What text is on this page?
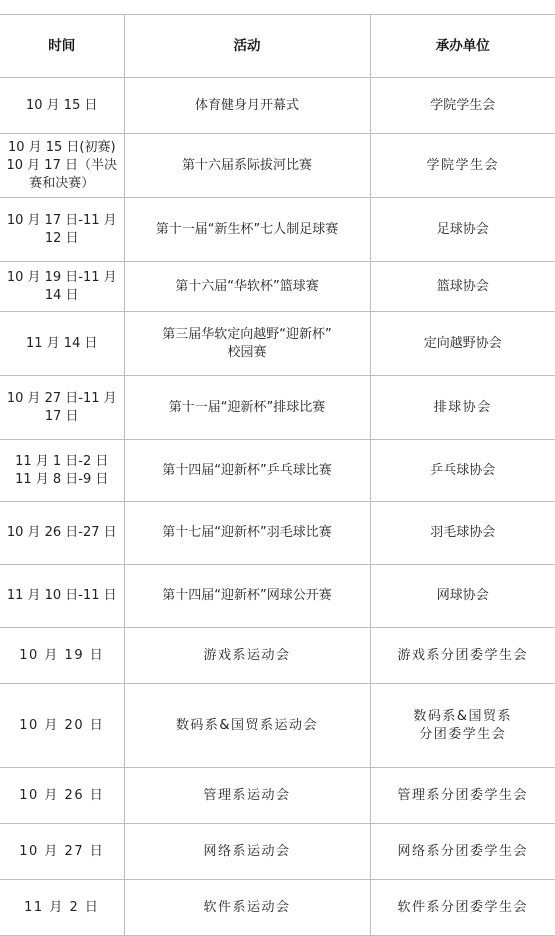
时间	活动	承办单位

10 月 15 日	体育健身月开幕式	学院学生会

10 月 15 日(初赛)
10 月 17 日（半决
赛和决赛）	第十六届系际拔河比赛	学院学生会

10 月 17 日-11 月
12 日	第十一届“新生杯”七人制足球赛	足球协会

10 月 19 日-11 月
14 日	第十六届“华软杯”篮球赛	篮球协会

11 月 14 日	第三届华软定向越野“迎新杯”
校园赛	定向越野协会

10 月 27 日-11 月
17 日	第十一届“迎新杯”排球比赛	排球协会

11 月 1 日-2 日
11 月 8 日-9 日	第十四届“迎新杯”乒乓球比赛	乒乓球协会

10 月 26 日-27 日	第十七届“迎新杯”羽毛球比赛	羽毛球协会

11 月 10 日-11 日	第十四届“迎新杯”网球公开赛	网球协会

10 月 19 日	游戏系运动会	游戏系分团委学生会

10 月 20 日	数码系&国贸系运动会	数码系&国贸系
分团委学生会

10 月 26 日	管理系运动会	管理系分团委学生会

10 月 27 日	网络系运动会	网络系分团委学生会

11 月 2 日	软件系运动会	软件系分团委学生会
